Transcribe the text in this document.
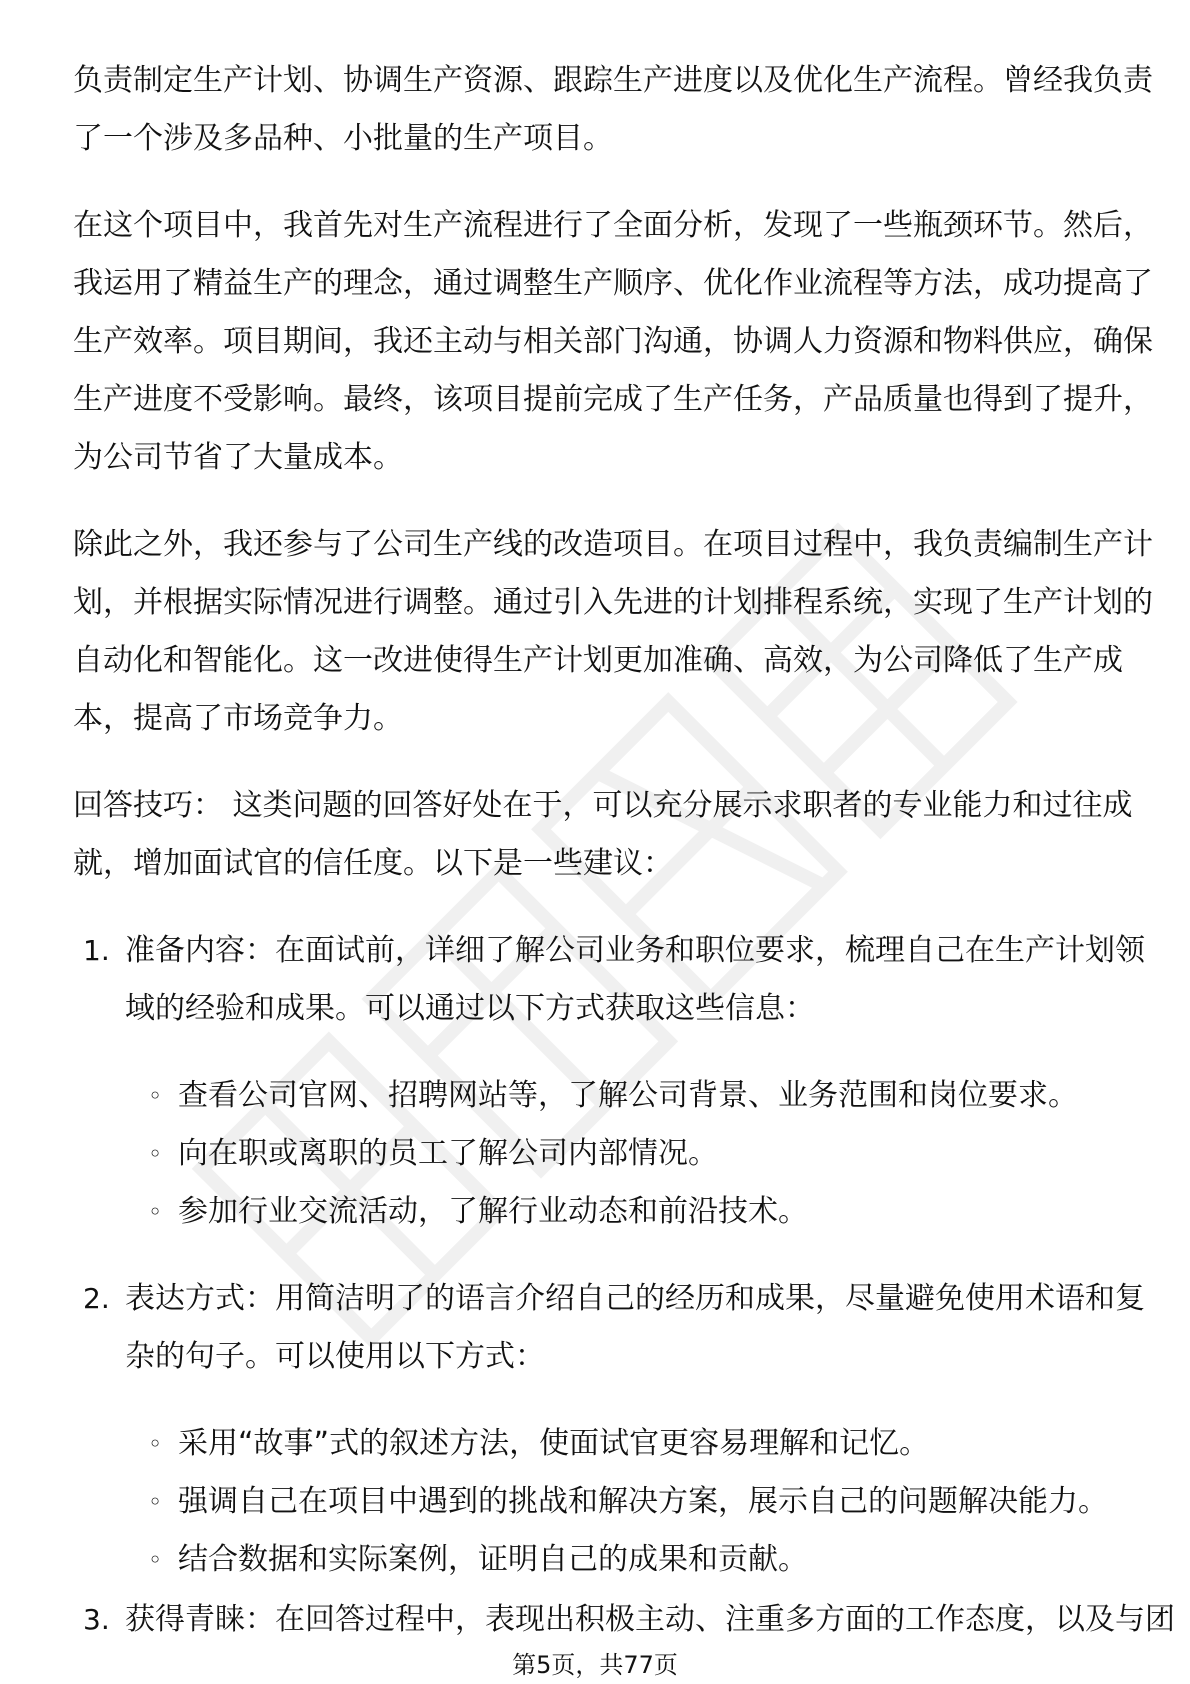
负责制定生产计划、协调生产资源、跟踪生产进度以及优化生产流程。曾经我负责
了一个涉及多品种、小批量的生产项目。
在这个项目中，我首先对生产流程进行了全面分析，发现了一些瓶颈环节。然后，
我运用了精益生产的理念，通过调整生产顺序、优化作业流程等方法，成功提高了
生产效率。项目期间，我还主动与相关部门沟通，协调人力资源和物料供应，确保
生产进度不受影响。最终，该项目提前完成了生产任务，产品质量也得到了提升，
为公司节省了大量成本。
除此之外，我还参与了公司生产线的改造项目。在项目过程中，我负责编制生产计
划，并根据实际情况进行调整。通过引入先进的计划排程系统，实现了生产计划的
自动化和智能化。这一改进使得生产计划更加准确、高效，为公司降低了生产成
本，提高了市场竞争力。
回答技巧： 这类问题的回答好处在于，可以充分展示求职者的专业能力和过往成
就，增加面试官的信任度。以下是一些建议：
1. 准备内容：在面试前，详细了解公司业务和职位要求，梳理自己在生产计划领
域的经验和成果。可以通过以下方式获取这些信息：
◦ 查看公司官网、招聘网站等，了解公司背景、业务范围和岗位要求。
◦ 向在职或离职的员工了解公司内部情况。
◦ 参加行业交流活动，了解行业动态和前沿技术。
2. 表达方式：用简洁明了的语言介绍自己的经历和成果，尽量避免使用术语和复
杂的句子。可以使用以下方式：
◦ 采用“故事”式的叙述方法，使面试官更容易理解和记忆。
◦ 强调自己在项目中遇到的挑战和解决方案，展示自己的问题解决能力。
◦ 结合数据和实际案例，证明自己的成果和贡献。
3. 获得青睐：在回答过程中，表现出积极主动、注重多方面的工作态度，以及与团
第5页，共77页
